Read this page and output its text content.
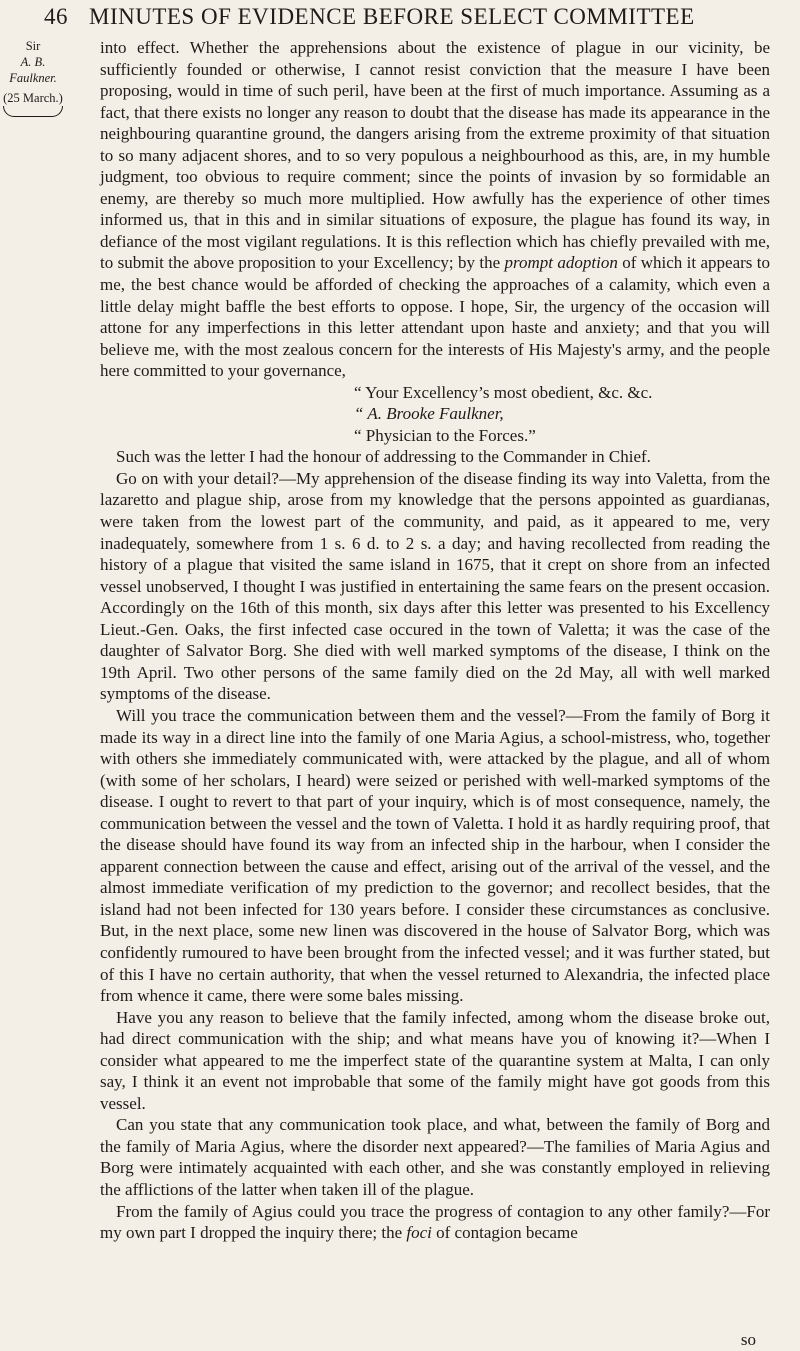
46 MINUTES OF EVIDENCE BEFORE SELECT COMMITTEE
Sir
A. B. Faulkner.
(25 March.)

into effect. Whether the apprehensions about the existence of plague in our vicinity, be sufficiently founded or otherwise, I cannot resist conviction that the measure I have been proposing, would in time of such peril, have been at the first of much importance. Assuming as a fact, that there exists no longer any reason to doubt that the disease has made its appearance in the neighbouring quarantine ground, the dangers arising from the extreme proximity of that situation to so many adjacent shores, and to so very populous a neighbourhood as this, are, in my humble judgment, too obvious to require comment; since the points of invasion by so formidable an enemy, are thereby so much more multiplied. How awfully has the experience of other times informed us, that in this and in similar situations of exposure, the plague has found its way, in defiance of the most vigilant regulations. It is this reflection which has chiefly prevailed with me, to submit the above proposition to your Excellency; by the prompt adoption of which it appears to me, the best chance would be afforded of checking the approaches of a calamity, which even a little delay might baffle the best efforts to oppose. I hope, Sir, the urgency of the occasion will attone for any imperfections in this letter attendant upon haste and anxiety; and that you will believe me, with the most zealous concern for the interests of His Majesty's army, and the people here committed to your governance,

“ Your Excellency’s most obedient, &c. &c.

“ A. Brooke Faulkner,

“ Physician to the Forces.”

Such was the letter I had the honour of addressing to the Commander in Chief.

Go on with your detail?—My apprehension of the disease finding its way into Valetta, from the lazaretto and plague ship, arose from my knowledge that the persons appointed as guardianas, were taken from the lowest part of the community, and paid, as it appeared to me, very inadequately, somewhere from 1 s. 6 d. to 2 s. a day; and having recollected from reading the history of a plague that visited the same island in 1675, that it crept on shore from an infected vessel unobserved, I thought I was justified in entertaining the same fears on the present occasion. Accordingly on the 16th of this month, six days after this letter was presented to his Excellency Lieut.-Gen. Oaks, the first infected case occured in the town of Valetta; it was the case of the daughter of Salvator Borg. She died with well marked symptoms of the disease, I think on the 19th April. Two other persons of the same family died on the 2d May, all with well marked symptoms of the disease.

Will you trace the communication between them and the vessel?—From the family of Borg it made its way in a direct line into the family of one Maria Agius, a school-mistress, who, together with others she immediately communicated with, were attacked by the plague, and all of whom (with some of her scholars, I heard) were seized or perished with well-marked symptoms of the disease. I ought to revert to that part of your inquiry, which is of most consequence, namely, the communication between the vessel and the town of Valetta. I hold it as hardly requiring proof, that the disease should have found its way from an infected ship in the harbour, when I consider the apparent connection between the cause and effect, arising out of the arrival of the vessel, and the almost immediate verification of my prediction to the governor; and recollect besides, that the island had not been infected for 130 years before. I consider these circumstances as conclusive. But, in the next place, some new linen was discovered in the house of Salvator Borg, which was confidently rumoured to have been brought from the infected vessel; and it was further stated, but of this I have no certain authority, that when the vessel returned to Alexandria, the infected place from whence it came, there were some bales missing.

Have you any reason to believe that the family infected, among whom the disease broke out, had direct communication with the ship; and what means have you of knowing it?—When I consider what appeared to me the imperfect state of the quarantine system at Malta, I can only say, I think it an event not improbable that some of the family might have got goods from this vessel.

Can you state that any communication took place, and what, between the family of Borg and the family of Maria Agius, where the disorder next appeared?—The families of Maria Agius and Borg were intimately acquainted with each other, and she was constantly employed in relieving the afflictions of the latter when taken ill of the plague.

From the family of Agius could you trace the progress of contagion to any other family?—For my own part I dropped the inquiry there; the foci of contagion became

so
